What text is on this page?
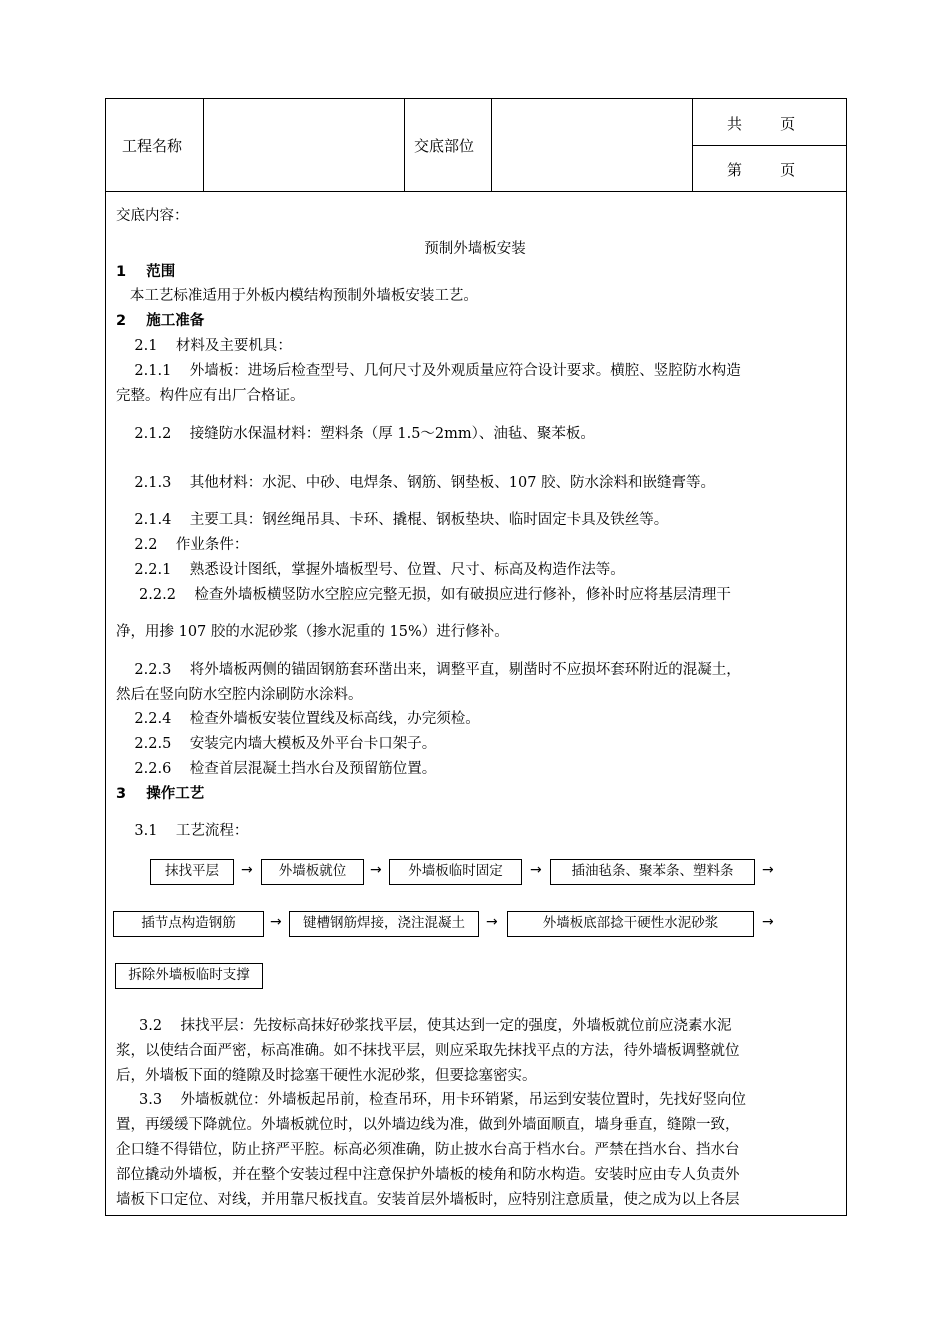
工程名称	交底部位
共        页
第        页
交底内容：
预制外墙板安装
1    范围
本工艺标准适用于外板内模结构预制外墙板安装工艺。
2    施工准备
2.1    材料及主要机具：
2.1.1    外墙板：进场后检查型号、几何尺寸及外观质量应符合设计要求。横腔、竖腔防水构造
完整。构件应有出厂合格证。
2.1.2    接缝防水保温材料：塑料条（厚 1.5～2mm）、油毡、聚苯板。
2.1.3    其他材料：水泥、中砂、电焊条、钢筋、钢垫板、107 胶、防水涂料和嵌缝膏等。
2.1.4    主要工具：钢丝绳吊具、卡环、撬棍、钢板垫块、临时固定卡具及铁丝等。
2.2    作业条件：
2.2.1    熟悉设计图纸，掌握外墙板型号、位置、尺寸、标高及构造作法等。
2.2.2    检查外墙板横竖防水空腔应完整无损，如有破损应进行修补，修补时应将基层清理干
净，用掺 107 胶的水泥砂浆（掺水泥重的 15%）进行修补。
2.2.3    将外墙板两侧的锚固钢筋套环凿出来，调整平直，剔凿时不应损坏套环附近的混凝土，
然后在竖向防水空腔内涂刷防水涂料。
2.2.4    检查外墙板安装位置线及标高线，办完须检。
2.2.5    安装完内墙大模板及外平台卡口架子。
2.2.6    检查首层混凝土挡水台及预留筋位置。
3    操作工艺
3.1    工艺流程：
抹找平层	→	外墙板就位	→	外墙板临时固定	→	插油毡条、聚苯条、塑料条	→
插节点构造钢筋	→	键槽钢筋焊接，浇注混凝土	→	外墙板底部捻干硬性水泥砂浆	→
拆除外墙板临时支撑
3.2    抹找平层：先按标高抹好砂浆找平层，使其达到一定的强度，外墙板就位前应浇素水泥
浆，以使结合面严密，标高准确。如不抹找平层，则应采取先抹找平点的方法，待外墙板调整就位
后，外墙板下面的缝隙及时捻塞干硬性水泥砂浆，但要捻塞密实。
3.3    外墙板就位：外墙板起吊前，检查吊环，用卡环销紧，吊运到安装位置时，先找好竖向位
置，再缓缓下降就位。外墙板就位时，以外墙边线为准，做到外墙面顺直，墙身垂直，缝隙一致，
企口缝不得错位，防止挤严平腔。标高必须准确，防止披水台高于档水台。严禁在挡水台、挡水台
部位撬动外墙板，并在整个安装过程中注意保护外墙板的棱角和防水构造。安装时应由专人负责外
墙板下口定位、对线，并用靠尺板找直。安装首层外墙板时，应特别注意质量，使之成为以上各层
